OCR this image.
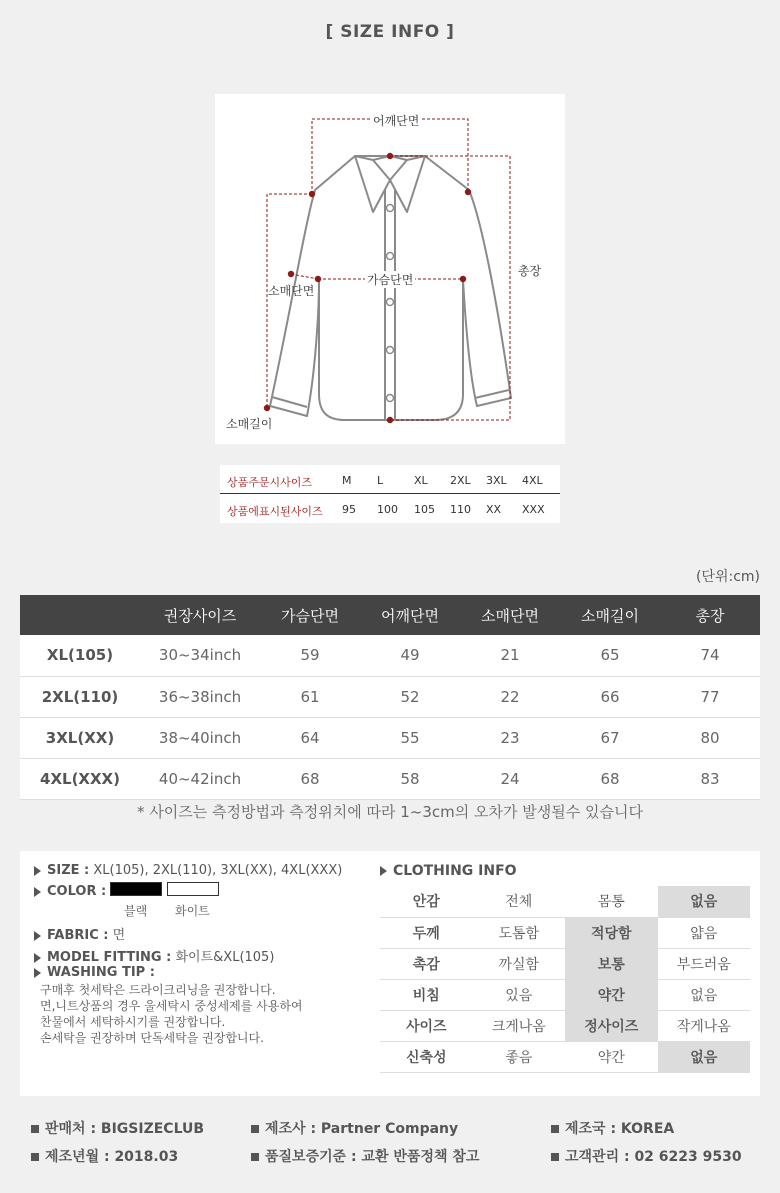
[ SIZE INFO ]
어깨단면
가슴단면
소매단면
소매길이
총장
상품주문시사이즈	M L	XL 2XL 3XL 4XL
상품에표시된사이즈 95 100 105 110 XX XXX
(단위:cm)
	권장사이즈	가슴단면	어깨단면	소매단면	소매길이	총장
XL(105)	30~34inch	59	49	21	65	74
2XL(110)	36~38inch	61	52	22	66	77
3XL(XX)	38~40inch	64	55	23	67	80
4XL(XXX)	40~42inch	68	58	24	68	83
* 사이즈는 측정방법과 측정위치에 따라 1~3cm의 오차가 발생될수 있습니다
SIZE : XL(105), 2XL(110), 3XL(XX), 4XL(XXX)
COLOR :
블랙 화이트
FABRIC : 면
MODEL FITTING : 화이트&XL(105)
WASHING TIP :
구매후 첫세탁은 드라이크리닝을 권장합니다.
면,니트상품의 경우 울세탁시 중성세제를 사용하여
찬물에서 세탁하시기를 권장합니다.
손세탁을 권장하며 단독세탁을 권장합니다.
CLOTHING INFO
안감	전체	몸통	없음
두께	도톰함	적당함	얇음
촉감	까실함	보통	부드러움
비침	있음	약간	없음
사이즈	크게나옴	정사이즈	작게나옴
신축성	좋음	약간	없음
판매처 : BIGSIZECLUB	제조사 : Partner Company	제조국 : KOREA
제조년월 : 2018.03	품질보증기준 : 교환 반품정책 참고	고객관리 : 02 6223 9530
